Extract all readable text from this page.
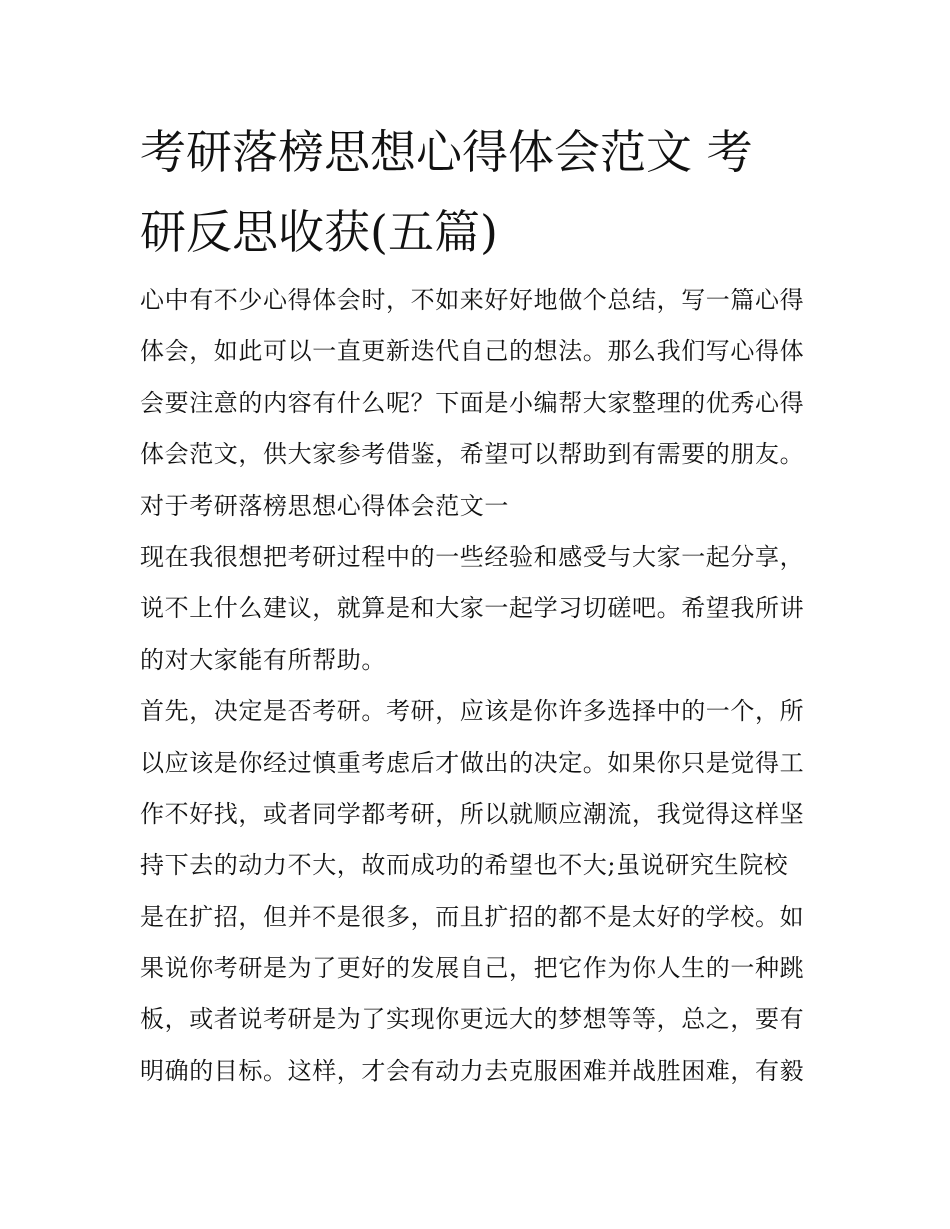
考研落榜思想心得体会范文 考
研反思收获(五篇)
心中有不少心得体会时，不如来好好地做个总结，写一篇心得
体会，如此可以一直更新迭代自己的想法。那么我们写心得体
会要注意的内容有什么呢？下面是小编帮大家整理的优秀心得
体会范文，供大家参考借鉴，希望可以帮助到有需要的朋友。
对于考研落榜思想心得体会范文一
现在我很想把考研过程中的一些经验和感受与大家一起分享，
说不上什么建议，就算是和大家一起学习切磋吧。希望我所讲
的对大家能有所帮助。
首先，决定是否考研。考研，应该是你许多选择中的一个，所
以应该是你经过慎重考虑后才做出的决定。如果你只是觉得工
作不好找，或者同学都考研，所以就顺应潮流，我觉得这样坚
持下去的动力不大，故而成功的希望也不大;虽说研究生院校
是在扩招，但并不是很多，而且扩招的都不是太好的学校。如
果说你考研是为了更好的发展自己，把它作为你人生的一种跳
板，或者说考研是为了实现你更远大的梦想等等，总之，要有
明确的目标。这样，才会有动力去克服困难并战胜困难，有毅
